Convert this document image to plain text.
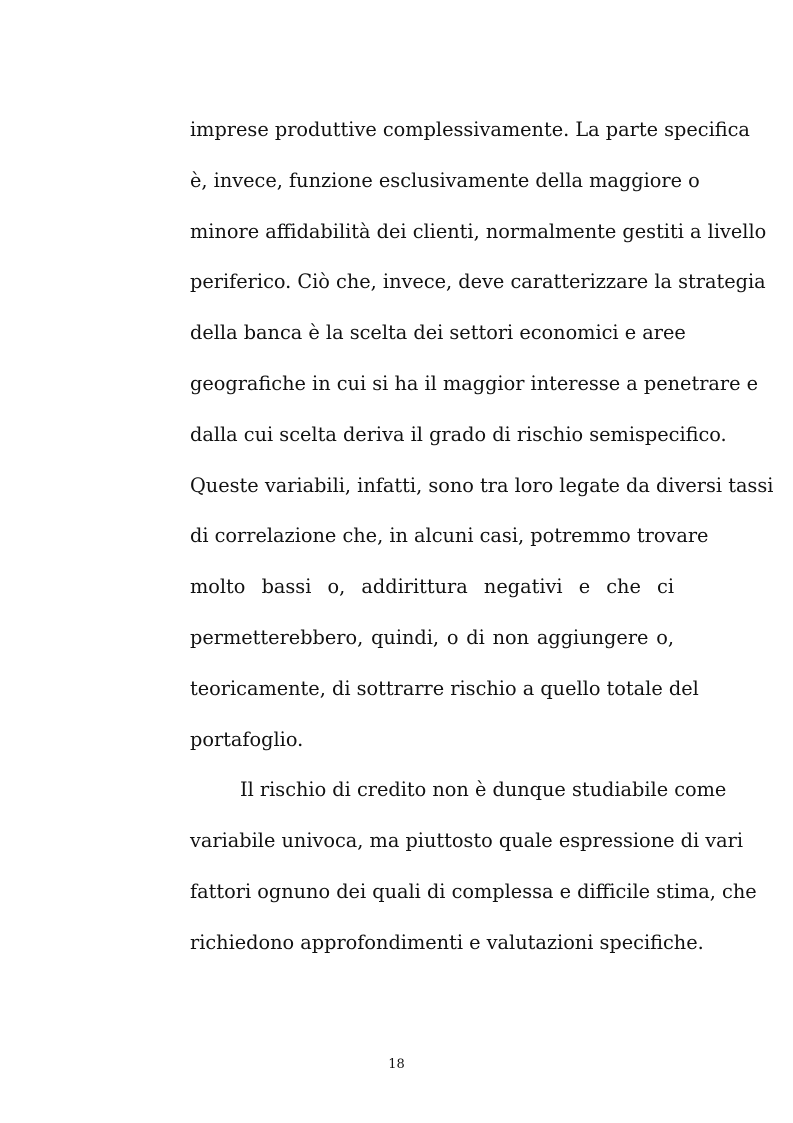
imprese produttive complessivamente. La parte specifica
è, invece, funzione esclusivamente della maggiore o
minore affidabilità dei clienti, normalmente gestiti a livello
periferico. Ciò che, invece, deve caratterizzare la strategia
della banca è la scelta dei settori economici e aree
geografiche in cui si ha il maggior interesse a penetrare e
dalla cui scelta deriva il grado di rischio semispecifico.
Queste variabili, infatti, sono tra loro legate da diversi tassi
di correlazione che, in alcuni casi, potremmo trovare
molto bassi o, addirittura negativi e che ci
permetterebbero, quindi, o di non aggiungere o,
teoricamente, di sottrarre rischio a quello totale del
portafoglio.
Il rischio di credito non è dunque studiabile come
variabile univoca, ma piuttosto quale espressione di vari
fattori ognuno dei quali di complessa e difficile stima, che
richiedono approfondimenti e valutazioni specifiche.
18
